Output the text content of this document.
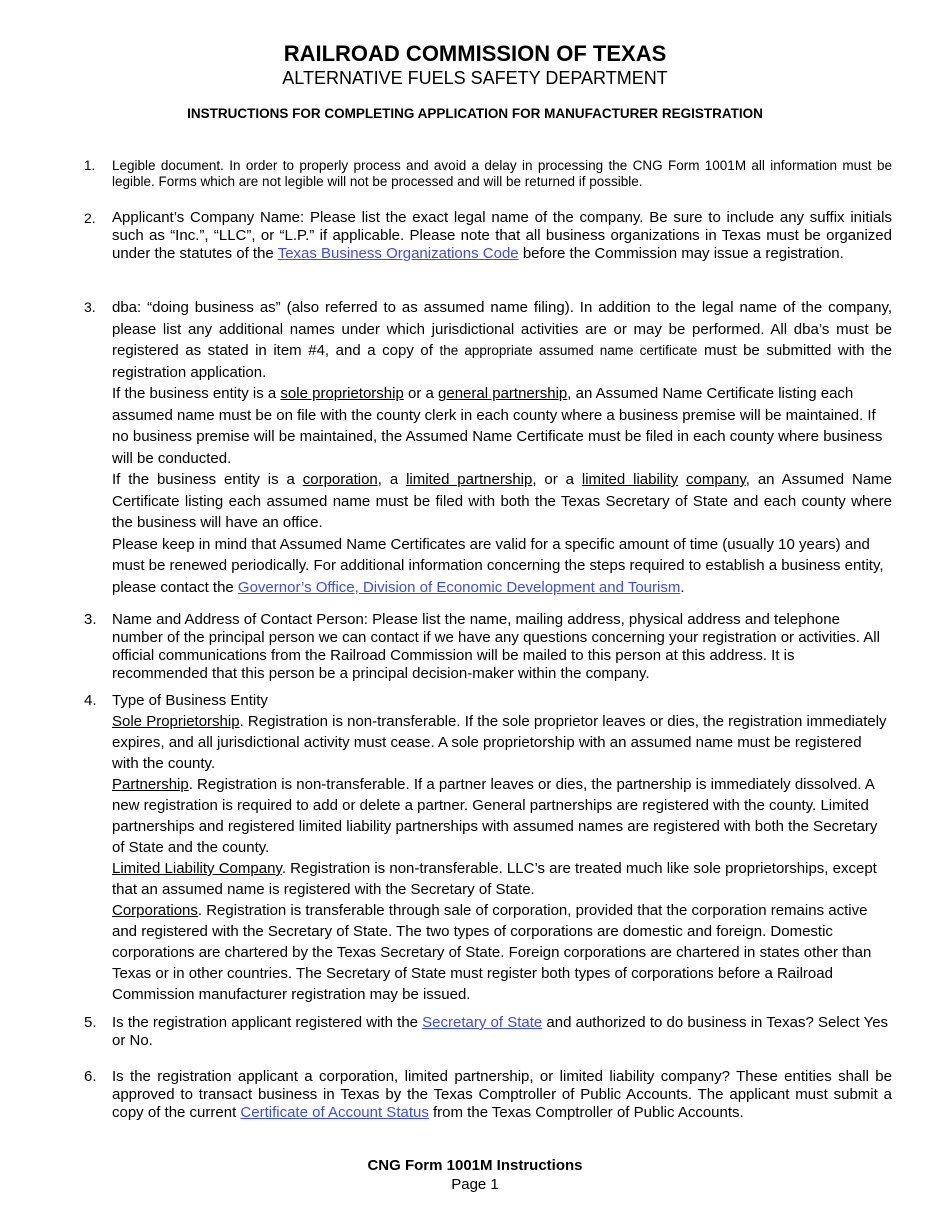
RAILROAD COMMISSION OF TEXAS
ALTERNATIVE FUELS SAFETY DEPARTMENT
INSTRUCTIONS FOR COMPLETING APPLICATION FOR MANUFACTURER REGISTRATION
1.	Legible document. In order to properly process and avoid a delay in processing the CNG Form 1001M all information must be legible. Forms which are not legible will not be processed and will be returned if possible.

2.	Applicant’s Company Name: Please list the exact legal name of the company. Be sure to include any suffix initials such as “Inc.”, “LLC”, or “L.P.” if applicable. Please note that all business organizations in Texas must be organized under the statutes of the Texas Business Organizations Code before the Commission may issue a registration.

3.	dba: “doing business as” (also referred to as assumed name filing). In addition to the legal name of the company, please list any additional names under which jurisdictional activities are or may be performed. All dba’s must be registered as stated in item #4, and a copy of the appropriate assumed name certificate must be submitted with the registration application.

If the business entity is a sole proprietorship or a general partnership, an Assumed Name Certificate listing each assumed name must be on file with the county clerk in each county where a business premise will be maintained. If no business premise will be maintained, the Assumed Name Certificate must be filed in each county where business will be conducted.

If the business entity is a corporation, a limited partnership, or a limited liability company, an Assumed Name Certificate listing each assumed name must be filed with both the Texas Secretary of State and each county where the business will have an office.

Please keep in mind that Assumed Name Certificates are valid for a specific amount of time (usually 10 years) and must be renewed periodically. For additional information concerning the steps required to establish a business entity, please contact the Governor’s Office, Division of Economic Development and Tourism.

3.	Name and Address of Contact Person: Please list the name, mailing address, physical address and telephone number of the principal person we can contact if we have any questions concerning your registration or activities. All official communications from the Railroad Commission will be mailed to this person at this address. It is recommended that this person be a principal decision-maker within the company.

4.	Type of Business Entity

Sole Proprietorship. Registration is non-transferable. If the sole proprietor leaves or dies, the registration immediately expires, and all jurisdictional activity must cease. A sole proprietorship with an assumed name must be registered with the county.

Partnership. Registration is non-transferable. If a partner leaves or dies, the partnership is immediately dissolved. A new registration is required to add or delete a partner. General partnerships are registered with the county. Limited partnerships and registered limited liability partnerships with assumed names are registered with both the Secretary of State and the county.

Limited Liability Company. Registration is non-transferable. LLC’s are treated much like sole proprietorships, except that an assumed name is registered with the Secretary of State.

Corporations. Registration is transferable through sale of corporation, provided that the corporation remains active and registered with the Secretary of State. The two types of corporations are domestic and foreign. Domestic corporations are chartered by the Texas Secretary of State. Foreign corporations are chartered in states other than Texas or in other countries. The Secretary of State must register both types of corporations before a Railroad Commission manufacturer registration may be issued.

5.	Is the registration applicant registered with the Secretary of State and authorized to do business in Texas? Select Yes or No.

6.	Is the registration applicant a corporation, limited partnership, or limited liability company? These entities shall be approved to transact business in Texas by the Texas Comptroller of Public Accounts. The applicant must submit a copy of the current Certificate of Account Status from the Texas Comptroller of Public Accounts.

CNG Form 1001M Instructions
Page 1
